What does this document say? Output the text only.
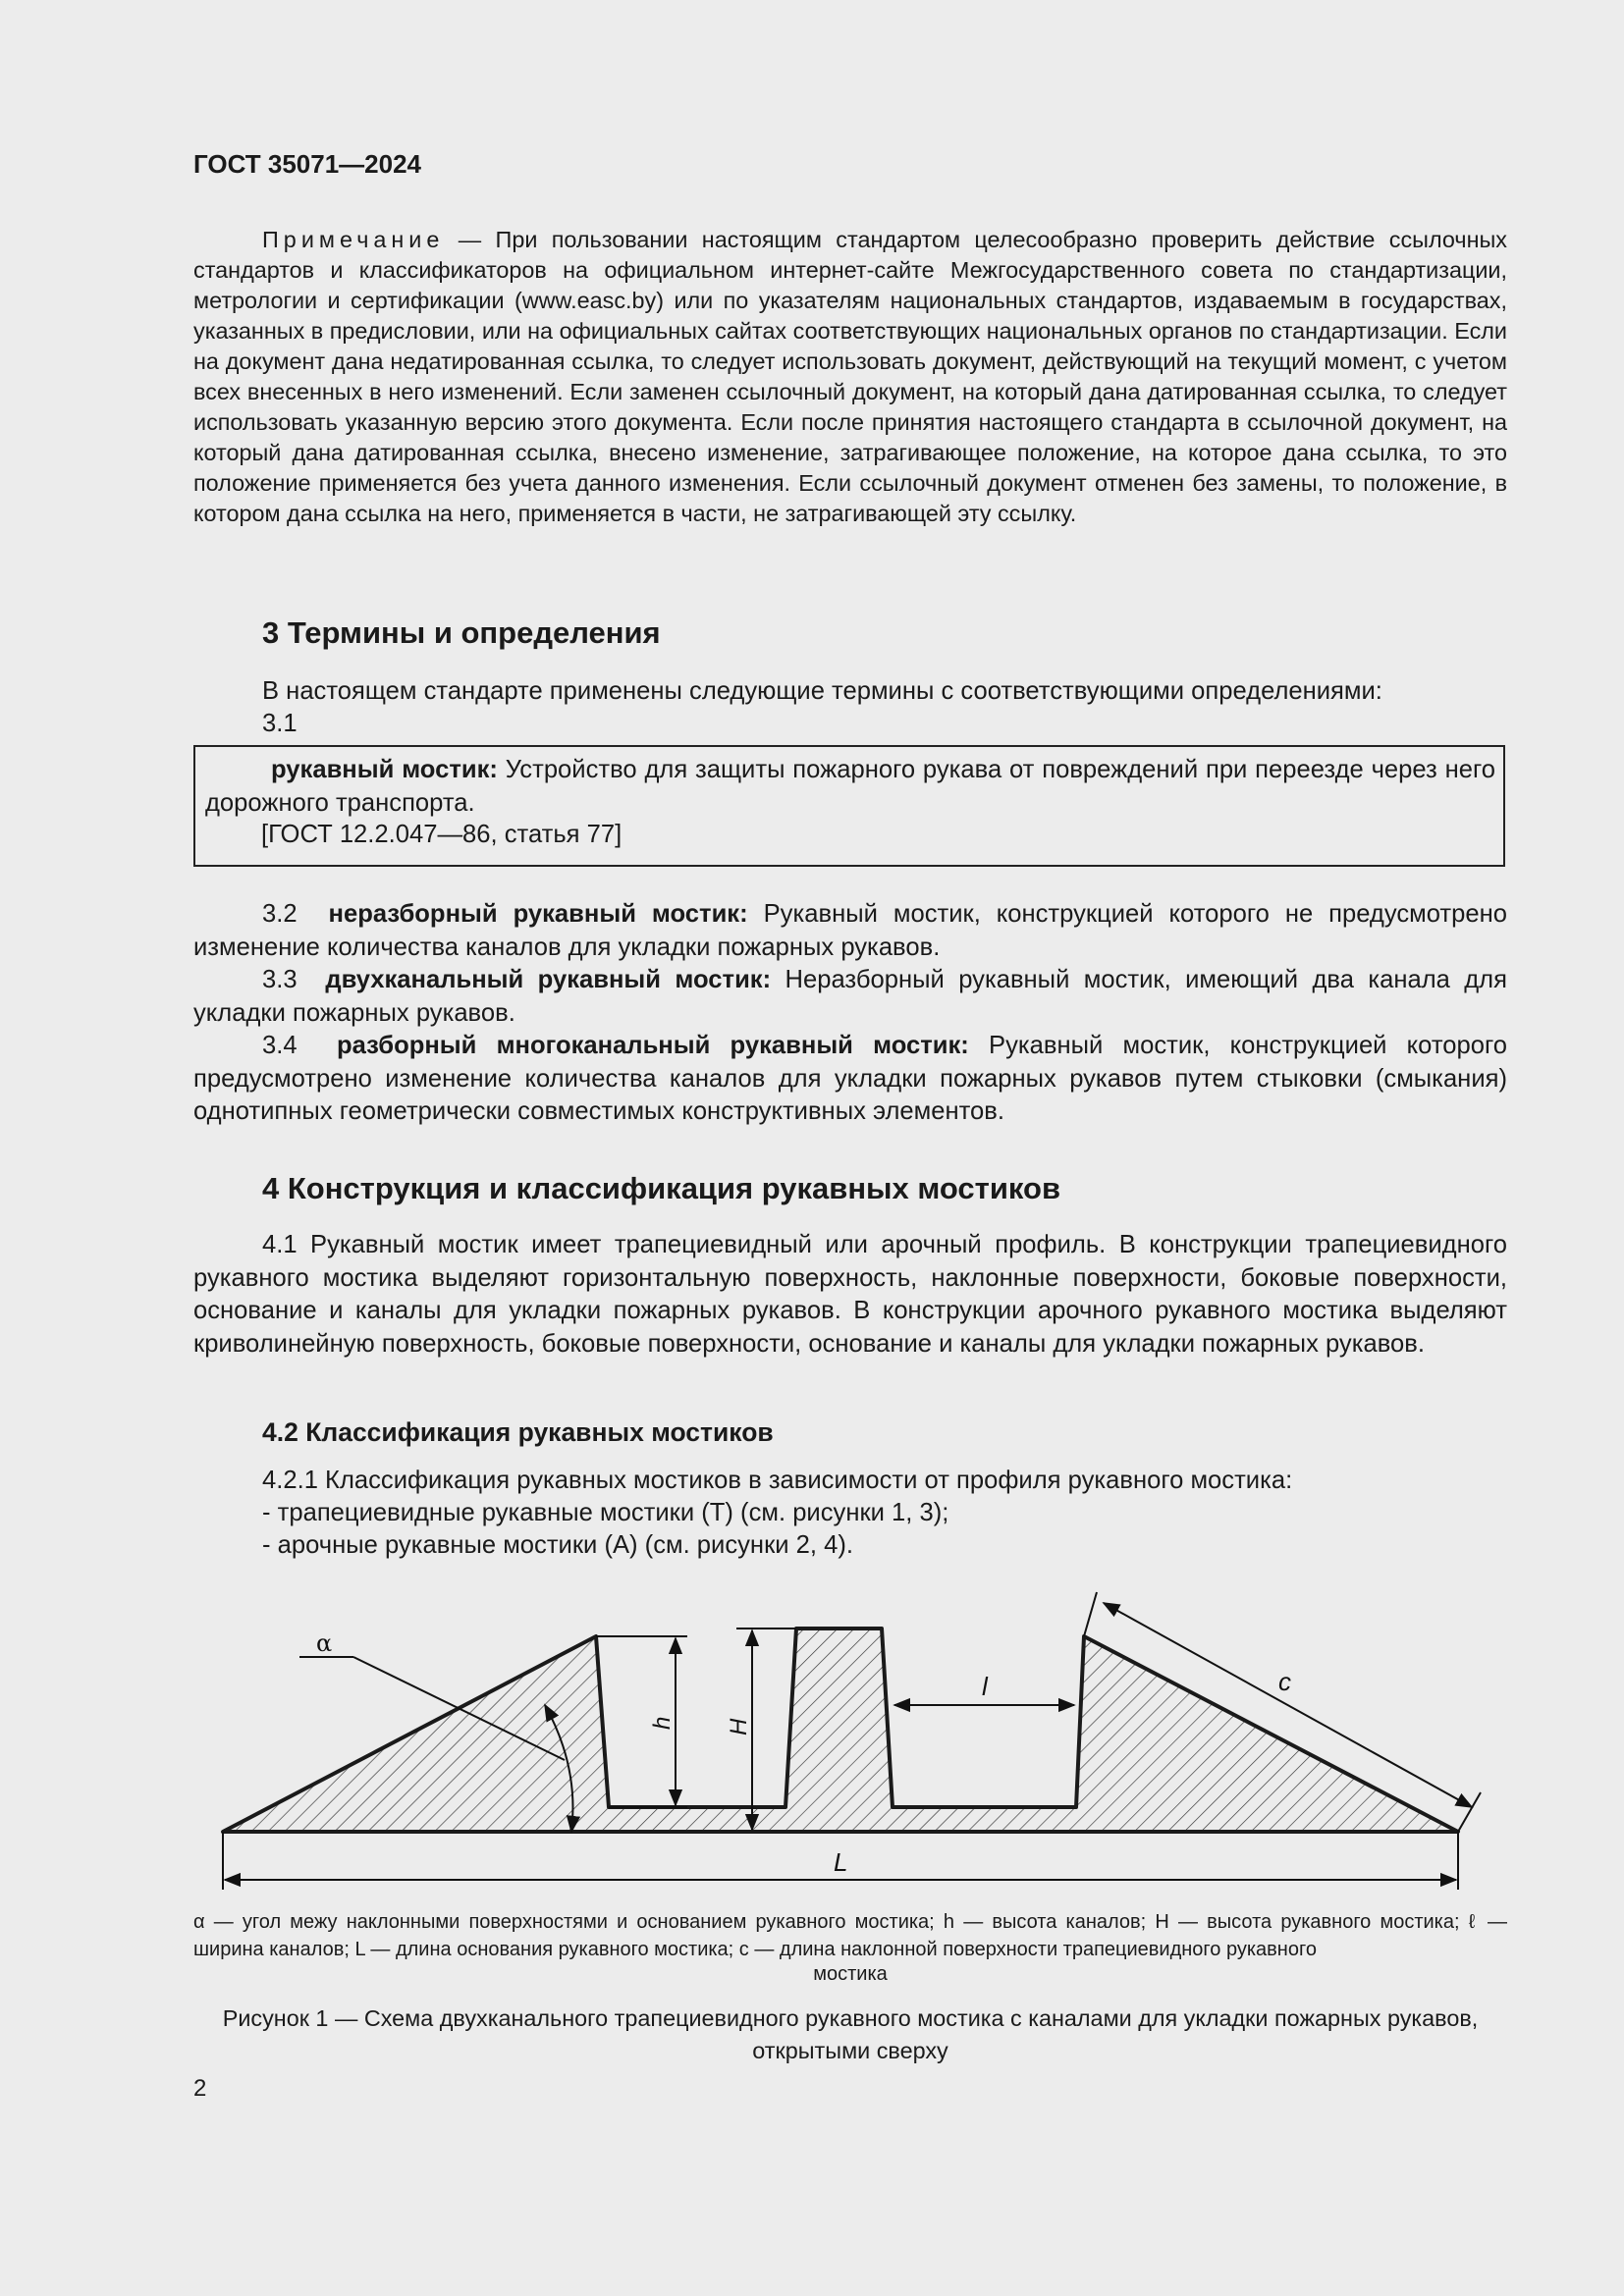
ГОСТ 35071—2024
Примечание — При пользовании настоящим стандартом целесообразно проверить действие ссылочных стандартов и классификаторов на официальном интернет-сайте Межгосударственного совета по стандартизации, метрологии и сертификации (www.easc.by) или по указателям национальных стандартов, издаваемым в государствах, указанных в предисловии, или на официальных сайтах соответствующих национальных органов по стандартизации. Если на документ дана недатированная ссылка, то следует использовать документ, действующий на текущий момент, с учетом всех внесенных в него изменений. Если заменен ссылочный документ, на который дана датированная ссылка, то следует использовать указанную версию этого документа. Если после принятия настоящего стандарта в ссылочной документ, на который дана датированная ссылка, внесено изменение, затрагивающее положение, на которое дана ссылка, то это положение применяется без учета данного изменения. Если ссылочный документ отменен без замены, то положение, в котором дана ссылка на него, применяется в части, не затрагивающей эту ссылку.
3 Термины и определения
В настоящем стандарте применены следующие термины с соответствующими определениями:
3.1
рукавный мостик: Устройство для защиты пожарного рукава от повреждений при переезде через него дорожного транспорта.
[ГОСТ 12.2.047—86, статья 77]
3.2 неразборный рукавный мостик: Рукавный мостик, конструкцией которого не предусмотрено изменение количества каналов для укладки пожарных рукавов.
3.3 двухканальный рукавный мостик: Неразборный рукавный мостик, имеющий два канала для укладки пожарных рукавов.
3.4 разборный многоканальный рукавный мостик: Рукавный мостик, конструкцией которого предусмотрено изменение количества каналов для укладки пожарных рукавов путем стыковки (смыкания) однотипных геометрически совместимых конструктивных элементов.
4 Конструкция и классификация рукавных мостиков
4.1 Рукавный мостик имеет трапециевидный или арочный профиль. В конструкции трапециевидного рукавного мостика выделяют горизонтальную поверхность, наклонные поверхности, боковые поверхности, основание и каналы для укладки пожарных рукавов. В конструкции арочного рукавного мостика выделяют криволинейную поверхность, боковые поверхности, основание и каналы для укладки пожарных рукавов.
4.2 Классификация рукавных мостиков
4.2.1 Классификация рукавных мостиков в зависимости от профиля рукавного мостика:
- трапециевидные рукавные мостики (Т) (см. рисунки 1, 3);
- арочные рукавные мостики (А) (см. рисунки 2, 4).
α
h H
l	c
L
α — угол межу наклонными поверхностями и основанием рукавного мостика; h — высота каналов; H — высота рукавного мостика; ℓ — ширина каналов; L — длина основания рукавного мостика; c — длина наклонной поверхности трапециевидного рукавного
мостика
Рисунок 1 — Схема двухканального трапециевидного рукавного мостика с каналами для укладки пожарных рукавов, открытыми сверху
2
